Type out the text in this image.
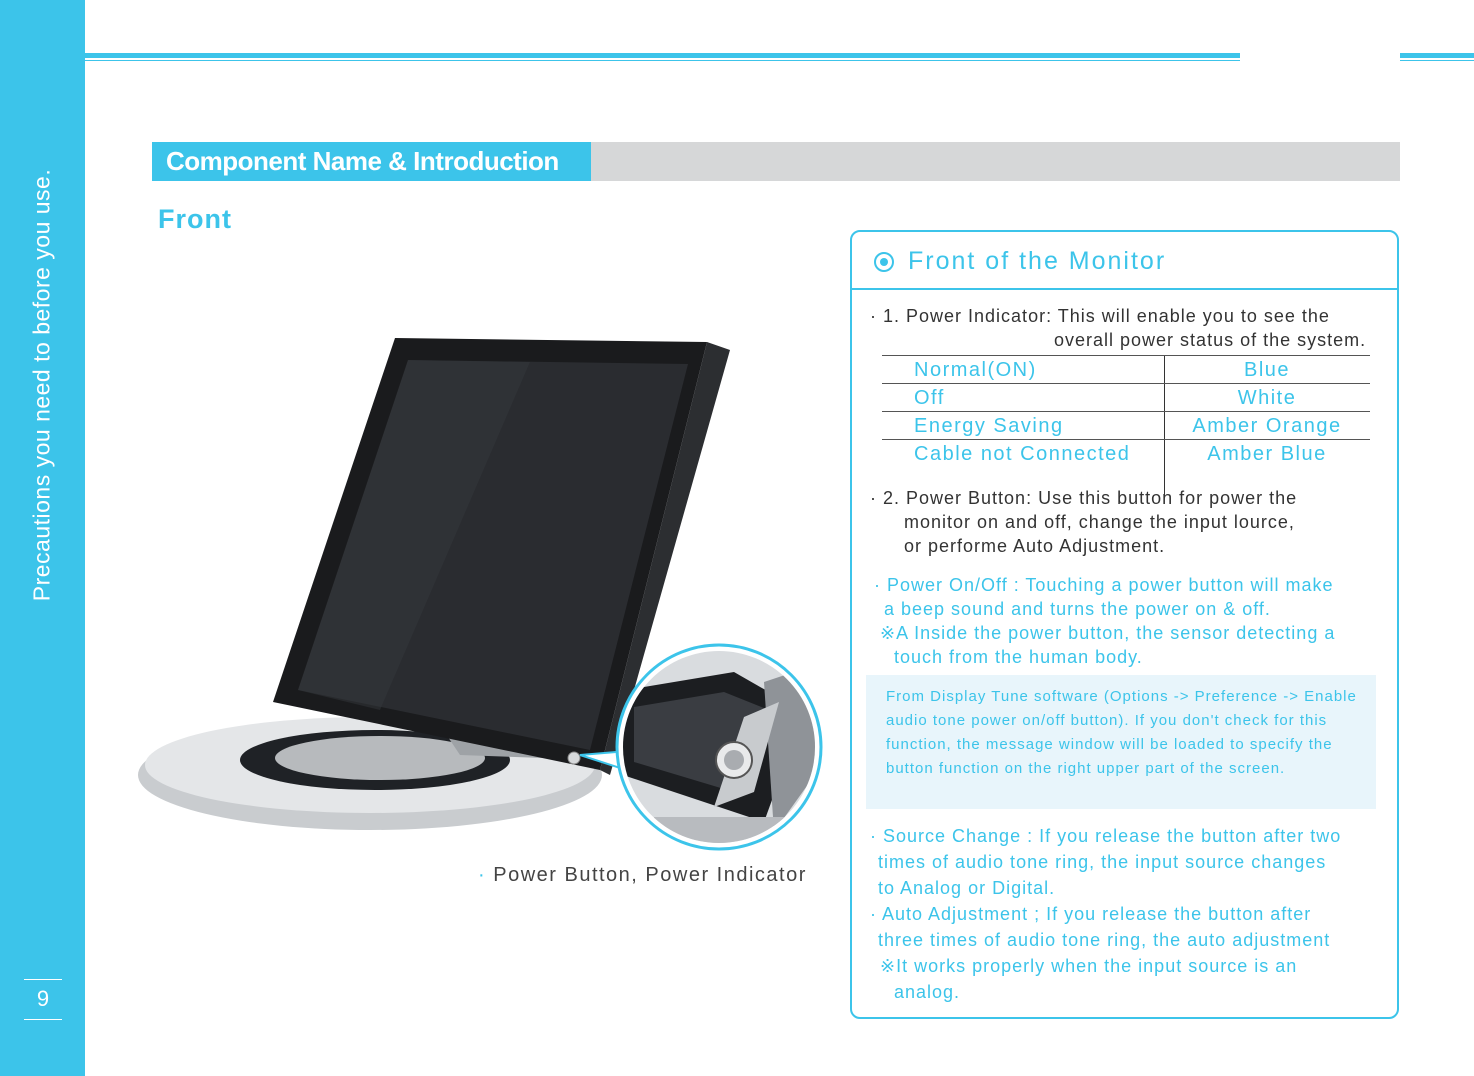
Precautions you need to before you use.
9
Component Name & Introduction
Front
· Power Button, Power Indicator
Front of the Monitor
· 1. Power Indicator: This will enable you to see the
overall power status of the system.
Normal(ON)	Blue
Off	White
Energy Saving	Amber Orange
Cable not Connected	Amber Blue
· 2. Power Button: Use this button for power the
monitor on and off, change the input lource,
or performe Auto Adjustment.
· Power On/Off : Touching a power button will make
a beep sound and turns the power on & off.
※A Inside the power button, the sensor detecting a
touch from the human body.
From Display Tune software (Options -> Preference -> Enable audio tone power on/off button). If you don't check for this function, the message window will be loaded to specify the button function on the right upper part of the screen.
· Source Change : If you release the button after two
times of audio tone ring, the input source changes
to Analog or Digital.
· Auto Adjustment ; If you release the button after
three times of audio tone ring, the auto adjustment
※It works properly when the input source is an
analog.
